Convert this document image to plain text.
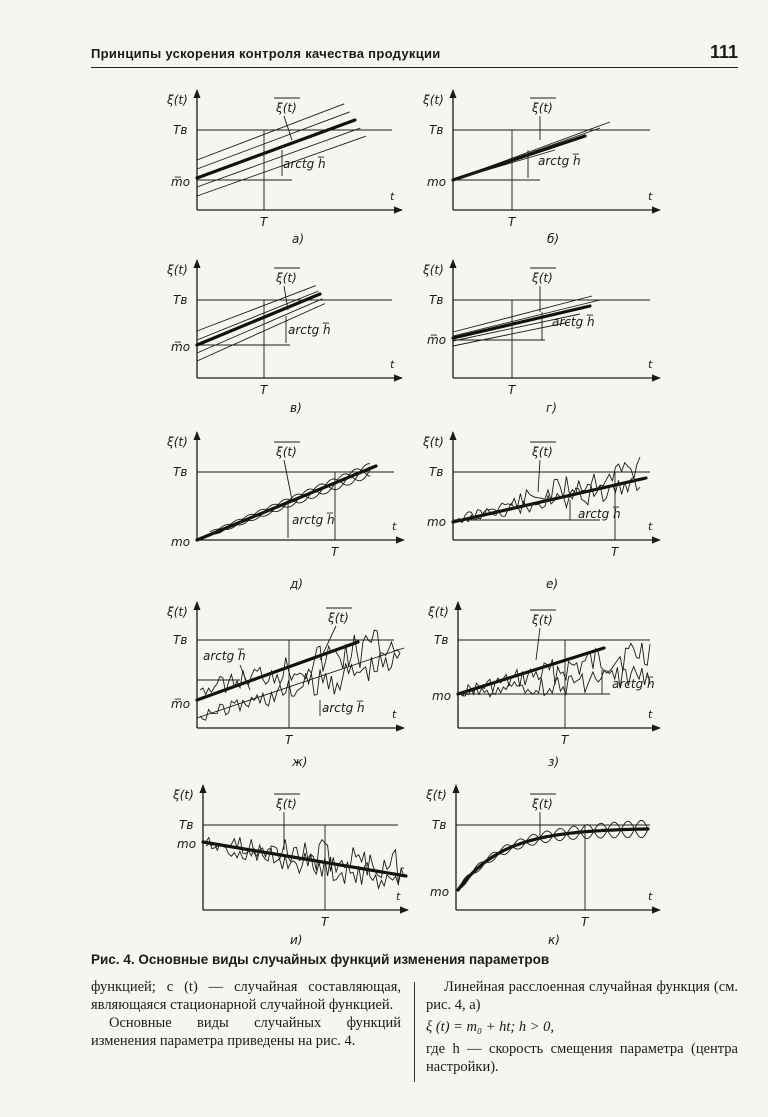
Принципы ускорения контроля качества продукции	111
ξ(t)
t
Тв
m̅o
T
а)
ξ(t)
arctg h̅
ξ(t)
t
Тв
mo
T
б)
ξ(t)
arctg h̅
ξ(t)
t
Тв
m̅o
T
в)
ξ(t)
arctg h̅
ξ(t)
t
Тв
m̅o
T
г)
ξ(t)
arctg h̅
ξ(t)
t
Тв
mo
T
д)
ξ(t)
arctg h̅
ξ(t)
t
Тв
mo
T
е)
ξ(t)
arctg h̅
ξ(t)
t
Тв
m̅o
T
ж)
ξ(t)
arctg h̅
arctg h̅
ξ(t)
t
Тв
mo
T
з)
ξ(t)
arctg h̅
ξ(t)
t
Тв
mo
T
и)
ξ(t)
ξ(t)
t
Тв
mo
T
к)
ξ(t)
Рис. 4. Основные виды случайных функций изменения параметров

функцией; c (t) — случайная составляющая, являющаяся стационарной случайной функцией.

Основные виды случайных функций изменения параметра приведены на рис. 4.

Линейная расслоенная случайная функция (см. рис. 4, а)

ξ (t) = m₀ + ht; h > 0,

где h — скорость смещения параметра (центра настройки).
